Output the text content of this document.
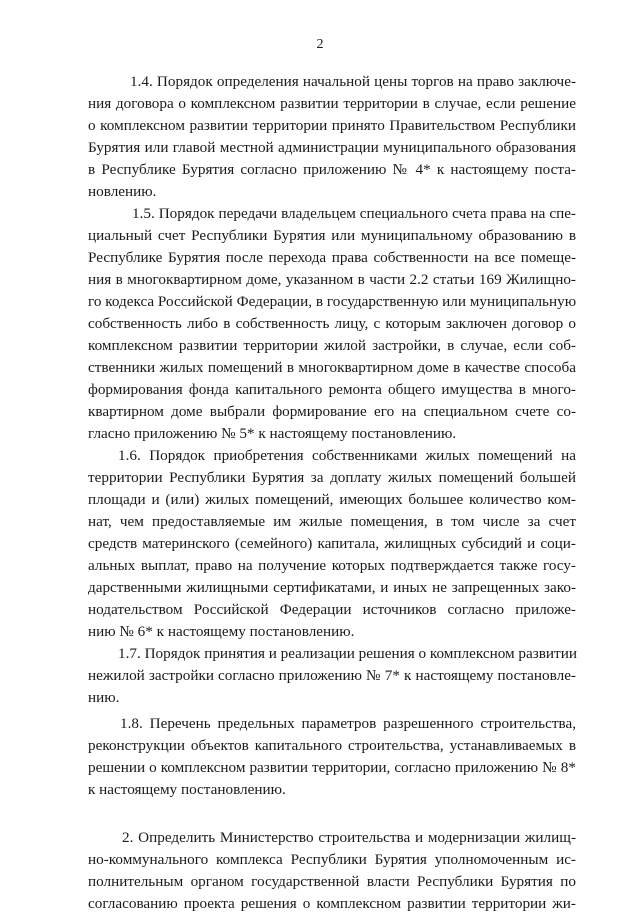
2
1.4. Порядок определения начальной цены торгов на право заключе-
ния договора о комплексном развитии территории в случае, если решение
о комплексном развитии территории принято Правительством Республики
Бурятия или главой местной администрации муниципального образования
в Республике Бурятия согласно приложению № 4* к настоящему поста-
новлению.
1.5. Порядок передачи владельцем специального счета права на спе-
циальный счет Республики Бурятия или муниципальному образованию в
Республике Бурятия после перехода права собственности на все помеще-
ния в многоквартирном доме, указанном в части 2.2 статьи 169 Жилищно-
го кодекса Российской Федерации, в государственную или муниципальную
собственность либо в собственность лицу, с которым заключен договор о
комплексном развитии территории жилой застройки, в случае, если соб-
ственники жилых помещений в многоквартирном доме в качестве способа
формирования фонда капитального ремонта общего имущества в много-
квартирном доме выбрали формирование его на специальном счете со-
гласно приложению № 5* к настоящему постановлению.
1.6. Порядок приобретения собственниками жилых помещений на
территории Республики Бурятия за доплату жилых помещений большей
площади и (или) жилых помещений, имеющих большее количество ком-
нат, чем предоставляемые им жилые помещения, в том числе за счет
средств материнского (семейного) капитала, жилищных субсидий и соци-
альных выплат, право на получение которых подтверждается также госу-
дарственными жилищными сертификатами, и иных не запрещенных зако-
нодательством Российской Федерации источников согласно приложе-
нию № 6* к настоящему постановлению.
1.7. Порядок принятия и реализации решения о комплексном развитии
нежилой застройки согласно приложению № 7* к настоящему постановле-
нию.
1.8. Перечень предельных параметров разрешенного строительства,
реконструкции объектов капитального строительства, устанавливаемых в
решении о комплексном развитии территории, согласно приложению № 8*
к настоящему постановлению.
2. Определить Министерство строительства и модернизации жилищ-
но-коммунального комплекса Республики Бурятия уполномоченным ис-
полнительным органом государственной власти Республики Бурятия по
согласованию проекта решения о комплексном развитии территории жи-
